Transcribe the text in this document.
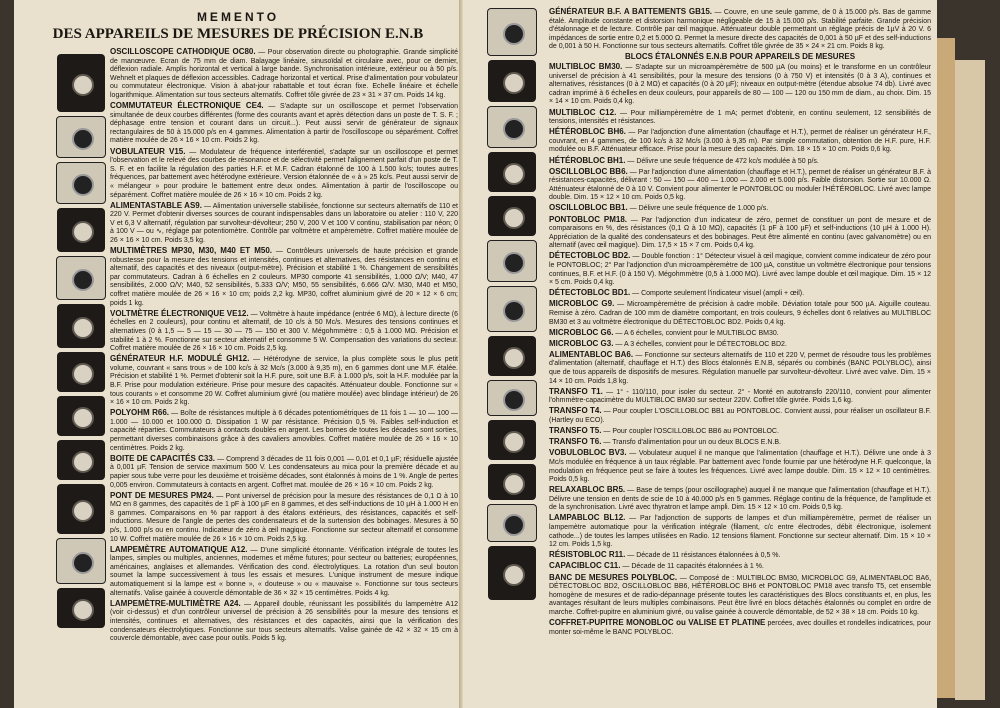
MEMENTO
DES APPAREILS DE MESURES DE PRÉCISION E.N.B

OSCILLOSCOPE CATHODIQUE OC80. — Pour observation directe ou photographie. Grande simplicité de manœuvre. Ecran de 75 mm de diam. Balayage linéaire, sinusoïdal et circulaire avec, pour ce dernier, déflexion radiale. Amplis horizontal et vertical à large bande. Synchronisation intérieure, extérieur ou à 50 p/s. Wehnelt et plaques de déflexion accessibles. Cadrage horizontal et vertical. Prise d'alimentation pour vobulateur ou commutateur électronique. Vision à abat-jour rabattable et tout écran fixe. Echelle linéaire et échelle logarithmique. Alimentation sur tous secteurs alternatifs. Coffret tôle givrée de 23 × 31 × 37 cm. Poids 14 kg.

COMMUTATEUR ÉLECTRONIQUE CE4. — S'adapte sur un oscilloscope et permet l'observation simultanée de deux courbes différentes (forme des courants avant et après détection dans un poste de T. S. F. ; déphasage entre tension et courant dans un circuit...). Peut aussi servir de générateur de signaux rectangulaires de 50 à 15.000 p/s en 4 gammes. Alimentation à partir de l'oscilloscope ou séparément. Coffret matière moulée de 26 × 16 × 10 cm. Poids 2 kg.

VOBULATEUR V15. — Modulateur de fréquence interférentiel, s'adapte sur un oscilloscope et permet l'observation et le relevé des courbes de résonance et de sélectivité permet l'alignement parfait d'un poste de T. S. F. et en facilite la régulation des parties H.F. et M.F. Cadran étalonné de 100 à 1.500 kc/s; toutes autres fréquences, par battement avec hétérodyne extérieure. Version étalonnée de « à » 25 kc/s. Peut aussi servir de « mélangeur » pour produire le battement entre deux ondes. Alimentation à partir de l'oscilloscope ou séparément. Coffret matière moulée de 26 × 16 × 10 cm. Poids 2 kg.

ALIMENTASTABLE AS9. — Alimentation universelle stabilisée, fonctionne sur secteurs alternatifs de 110 et 220 V. Permet d'obtenir diverses sources de courant indispensables dans un laboratoire ou atelier : 110 V, 220 V et 6,3 V alternatif, régulation par survolteur-dévolteur; 250 V, 200 V et 100 V continu, stabilisation par néon; 0 à 100 V — ou ∿, réglage par potentiomètre. Contrôle par voltmètre et ampèremètre. Coffret matière moulée de 26 × 16 × 10 cm. Poids 3,5 kg.

MULTIMÈTRES MP30, M30, M40 ET M50. — Contrôleurs universels de haute précision et grande robustesse pour la mesure des tensions et intensités, continues et alternatives, des résistances en continu et alternatif, des capacités et des niveaux (output-mètre). Précision et stabilité 1 %. Changement de sensibilités par commutateurs. Cadran à 6 échelles en 2 couleurs. MP30 comporte 41 sensibilités, 1.000 Ω/V; M40, 47 sensibilités, 2.000 Ω/V; M40, 52 sensibilités, 5.333 Ω/V; M50, 55 sensibilités, 6.666 Ω/V. M30, M40 et M50, coffret matière moulée de 26 × 16 × 10 cm; poids 2,2 kg. MP30, coffret aluminium givré de 20 × 12 × 6 cm; poids 1 kg.

VOLTMÈTRE ÉLECTRONIQUE VE12. — Voltmètre à haute impédance (entrée 6 MΩ), à lecture directe (6 échelles en 2 couleurs), pour continu et alternatif, de 10 c/s à 50 Mc/s. Mesures des tensions continues et alternatives (0 à 1,5 — 5 — 15 — 30 — 75 — 150 et 300 V. Mégohmmètre : 0,5 à 1.000 MΩ. Précision et stabilité 1 à 2 %. Fonctionne sur secteur alternatif et consomme 5 W. Compensation des variations du secteur. Coffret matière moulée de 26 × 16 × 10 cm. Poids 2,5 kg.

GÉNÉRATEUR H.F. MODULÉ GH12. — Hétérodyne de service, la plus complète sous le plus petit volume, couvrant « sans trous » de 100 kc/s à 32 Mc/s (3.000 à 9,35 m), en 6 gammes dont une M.F. étalée. Précision et stabilité 1 %. Permet d'obtenir soit la H.F. pure, soit une B.F. à 1.000 p/s, soit la H.F. modulée par la B.F. Prise pour modulation extérieure. Prise pour mesure des capacités. Atténuateur double. Fonctionne sur « tous courants » et consomme 20 W. Coffret aluminium givré (ou matière moulée) avec blindage intérieur) de 26 × 16 × 10 cm. Poids 2 kg.

POLYOHM R66. — Boîte de résistances multiple à 6 décades potentiométriques de 11 fois 1 — 10 — 100 — 1.000 — 10.000 et 100.000 Ω. Dissipation 1 W par résistance. Précision 0,5 %. Faibles self-induction et capacité réparties. Commutateurs à contacts doublés en argent. Les bornes de toutes les décades sont sorties, permettant diverses combinaisons grâce à des cavaliers amovibles. Coffret matière moulée de 26 × 16 × 10 centimètres. Poids 2 kg.

BOITE DE CAPACITÉS C33. — Comprend 3 décades de 11 fois 0,001 — 0,01 et 0,1 µF; résiduelle ajustée à 0,001 µF. Tension de service maximum 500 V. Les condensateurs au mica pour la première décade et au papier sous tube verre pour les deuxième et troisième décades, sont étalonnés à moins de 1 %. Angle de pertes 0,005 environ. Commutateurs à contacts en argent. Coffret mat. moulée de 26 × 16 × 10 cm. Poids 2 kg.

PONT DE MESURES PM24. — Pont universel de précision pour la mesure des résistances de 0,1 Ω à 10 MΩ en 8 gammes, des capacités de 1 pF à 100 µF en 8 gammes, et des self-inductions de 10 µH à 1.000 H en 8 gammes. Comparaisons en % par rapport à des étalons extérieurs, des résistances, capacités et self-inductions. Mesure de l'angle de pertes des condensateurs et de la surtension des bobinages. Mesures à 50 p/s, 1.000 p/s ou en continu. Indicateur de zéro à œil magique. Fonctionne sur secteur alternatif et consomme 10 W. Coffret matière moulée de 26 × 16 × 10 cm. Poids 2,5 kg.

LAMPEMÈTRE AUTOMATIQUE A12. — D'une simplicité étonnante. Vérification intégrale de toutes les lampes, simples ou multiples, anciennes, modernes et même futures; pour secteur ou batteries; européennes, américaines, anglaises et allemandes. Vérification des cond. électrolytiques. La rotation d'un seul bouton soumet la lampe successivement à tous les essais et mesures. L'unique instrument de mesure indique automatiquement si la lampe est « bonne », « douteuse » ou « mauvaise ». Fonctionne sur tous secteurs alternatifs. Valise gainée à couvercle démontable de 36 × 32 × 15 centimètres. Poids 4 kg.

LAMPEMÈTRE-MULTIMÈTRE A24. — Appareil double, réunissant les possibilités du lampemètre A12 (voir ci-dessus) et d'un contrôleur universel de précision à 26 sensibilités pour la mesure des tensions et intensités, continues et alternatives, des résistances et des capacités, ainsi que la vérification des condensateurs électrolytiques. Fonctionne sur tous secteurs alternatifs. Valise gainée de 42 × 32 × 15 cm à couvercle démontable, avec case pour outils. Poids 5 kg.

GÉNÉRATEUR B.F. A BATTEMENTS GB15. — Couvre, en une seule gamme, de 0 à 15.000 p/s. Bas de gamme étalé. Amplitude constante et distorsion harmonique négligeable de 15 à 15.000 p/s. Stabilité parfaite. Grande précision d'étalonnage et de lecture. Contrôle par œil magique. Atténuateur double permettant un réglage précis de 1µV à 20 V. 6 impédances de sortie entre 0,2 et 5.000 Ω. Permet la mesure directe des capacités de 0,001 à 50 µF et des self-inductions de 0,001 à 50 H. Fonctionne sur tous secteurs alternatifs. Coffret tôle givrée de 35 × 24 × 21 cm. Poids 8 kg.

BLOCS ÉTALONNÉS E.N.B POUR APPAREILS DE MESURES

MULTIBLOC BM30. — S'adapte sur un microampèremètre de 500 µA (ou moins) et le transforme en un contrôleur universel de précision à 41 sensibilités, pour la mesure des tensions (0 à 750 V) et intensités (0 à 3 A), continues et alternatives, résistances (0 à 2 MΩ) et capacités (0 à 20 µF); niveaux en output-mètre (étendue absolue 74 db). Livré avec cadran imprimé à 6 échelles en deux couleurs, pour appareils de 80 — 100 — 120 ou 150 mm de diam., au choix. Dim. 15 × 14 × 10 cm. Poids 0,4 kg.

MULTIBLOC C12. — Pour milliampèremètre de 1 mA; permet d'obtenir, en continu seulement, 12 sensibilités de tensions, intensités et résistances.

HÉTÉROBLOC BH6. — Par l'adjonction d'une alimentation (chauffage et H.T.), permet de réaliser un générateur H.F., couvrant, en 4 gammes, de 100 kc/s à 32 Mc/s (3.000 à 9,35 m). Par simple commutation, obtention de H.F. pure, H.F. modulée ou B.F. Atténuateur efficace. Prise pour la mesure des capacités. Dim. 18 × 15 × 10 cm. Poids 0,6 kg.

HÉTÉROBLOC BH1. — Délivre une seule fréquence de 472 kc/s modulée à 50 p/s.

OSCILLOBLOC BB6. — Par l'adjonction d'une alimentation (chauffage et H.T.), permet de réaliser un générateur B.F. à résistances-capacités, délivrant : 50 — 150 — 400 — 1.000 — 2.000 et 5.000 p/s. Faible distorsion. Sortie sur 10.000 Ω. Atténuateur étalonné de 0 à 10 V. Convient pour alimenter le PONTOBLOC ou moduler l'HÉTÉROBLOC. Livré avec lampe double. Dim. 15 × 12 × 10 cm. Poids 0,5 kg.

OSCILLOBLOC BB1. — Délivre une seule fréquence de 1.000 p/s.

PONTOBLOC PM18. — Par l'adjonction d'un indicateur de zéro, permet de constituer un pont de mesure et de comparaisons en %, des résistances (0,1 Ω à 10 MΩ), capacités (1 pF à 100 µF) et self-inductions (10 µH à 1.000 H). Appréciation de la qualité des condensateurs et des bobinages. Peut être alimenté en continu (avec galvanomètre) ou en alternatif (avec œil magique). Dim. 17,5 × 15 × 7 cm. Poids 0,4 kg.

DÉTECTOBLOC BD2. — Double fonction : 1° Détecteur visuel à œil magique, convient comme indicateur de zéro pour le PONTOBLOC; 2° Par l'adjonction d'un microampèremètre de 100 µA, constitue un voltmètre électronique pour tensions continues, B.F. et H.F. (0 à 150 V). Mégohmmètre (0,5 à 1.000 MΩ). Livré avec lampe double et œil magique. Dim. 15 × 12 × 5 cm. Poids 0,4 kg.

DÉTECTOBLOC BD1. — Comporte seulement l'indicateur visuel (ampli + œil).

MICROBLOC G9. — Microampèremètre de précision à cadre mobile. Déviation totale pour 500 µA. Aiguille couteau. Remise à zéro. Cadran de 100 mm de diamètre comportant, en trois couleurs, 9 échelles dont 6 relatives au MULTIBLOC BM30 et 3 au voltmètre électronique du DÉTECTOBLOC BD2. Poids 0,4 kg.

MICROBLOC G6. — A 6 échelles, convient pour le MULTIBLOC BM30.

MICROBLOC G3. — A 3 échelles, convient pour le DÉTECTOBLOC BD2.

ALIMENTABLOC BA6. — Fonctionne sur secteurs alternatifs de 110 et 220 V, permet de résoudre tous les problèmes d'alimentation (alternatif, chauffage et H.T.) des Blocs étalonnés E.N.B, séparés ou combinés (BANC POLYBLOC), ainsi que de tous appareils de dispositifs de mesures. Régulation manuelle par survolteur-dévolteur. Livré avec valve. Dim. 15 × 14 × 10 cm. Poids 1,8 kg.

TRANSFO T1. — 1° - 110/110, pour isoler du secteur. 2° - Monté en autotransfo 220/110, convient pour alimenter l'ohmmètre-capacimètre du MULTIBLOC BM30 sur secteur 220V. Coffret tôle givrée. Poids 1,6 kg.

TRANSFO T4. — Pour coupler L'OSCILLOBLOC BB1 au PONTOBLOC. Convient aussi, pour réaliser un oscillateur B.F. (Hartley ou ECO).

TRANSFO T5. — Pour coupler l'OSCILLOBLOC BB6 au PONTOBLOC.

TRANSFO T6. — Transfo d'alimentation pour un ou deux BLOCS E.N.B.

VOBULOBLOC BV3. — Vobulateur auquel il ne manque que l'alimentation (chauffage et H.T.). Délivre une onde à 3 Mc/s modulée en fréquence à un taux réglable. Par battement avec l'onde fournie par une hétérodyne H.F. quelconque, la modulation en fréquence peut se faire à toutes les fréquences. Livré avec lampe double. Dim. 15 × 12 × 10 centimètres. Poids 0,5 kg.

RELAXABLOC BR5. — Base de temps (pour oscillographe) auquel il ne manque que l'alimentation (chauffage et H.T.). Délivre une tension en dents de scie de 10 à 40.000 p/s en 5 gammes. Réglage continu de la fréquence, de l'amplitude et de la synchronisation. Livré avec thyratron et lampe ampli. Dim. 15 × 12 × 10 cm. Poids 0,5 kg.

LAMPABLOC BL12. — Par l'adjonction de supports de lampes et d'un milliampèremètre, permet de réaliser un lampemètre automatique pour la vérification intégrale (filament, c/c entre électrodes, débit électronique, isolement cathode...) de toutes les lampes utilisées en Radio. 12 tensions filament. Fonctionne sur secteur alternatif. Dim. 15 × 10 × 12 cm. Poids 1,5 kg.

RÉSISTOBLOC R11. — Décade de 11 résistances étalonnées à 0,5 %.

CAPACIBLOC C11. — Décade de 11 capacités étalonnées à 1 %.

BANC DE MESURES POLYBLOC. — Composé de : MULTIBLOC BM30, MICROBLOC G9, ALIMENTABLOC BA6, DÉTECTOBLOC BD2, OSCILLOBLOC BB6, HÉTÉROBLOC BH6 et PONTOBLOC PM18 avec transfo T5, cet ensemble homogène de mesures et de radio-dépannage présente toutes les caractéristiques des Blocs constituants et, en plus, les avantages résultant de leurs multiples combinaisons. Peut être livré en blocs détachés étalonnés ou complet en ordre de marche. Coffret-pupitre en aluminium givré, ou valise gainée à couvercle démontable, de 52 × 38 × 18 cm. Poids 10 kg.

COFFRET-PUPITRE MONOBLOC ou VALISE ET PLATINE percées, avec douilles et rondelles indicatrices, pour monter soi-même le BANC POLYBLOC.
